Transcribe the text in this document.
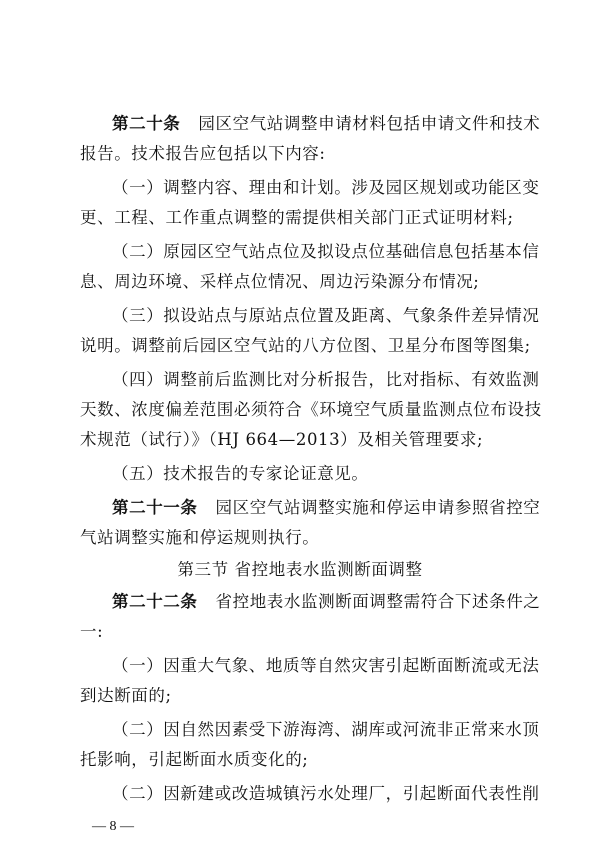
第二十条 园区空气站调整申请材料包括申请文件和技术
报告。技术报告应包括以下内容:
（一）调整内容、理由和计划。涉及园区规划或功能区变
更、工程、工作重点调整的需提供相关部门正式证明材料;
（二）原园区空气站点位及拟设点位基础信息包括基本信
息、周边环境、采样点位情况、周边污染源分布情况;
（三）拟设站点与原站点位置及距离、气象条件差异情况
说明。调整前后园区空气站的八方位图、卫星分布图等图集;
（四）调整前后监测比对分析报告，比对指标、有效监测
天数、浓度偏差范围必须符合《环境空气质量监测点位布设技
术规范（试行）》（HJ 664—2013）及相关管理要求;
（五）技术报告的专家论证意见。
第二十一条 园区空气站调整实施和停运申请参照省控空
气站调整实施和停运规则执行。
第三节 省控地表水监测断面调整
第二十二条 省控地表水监测断面调整需符合下述条件之
一:
（一）因重大气象、地质等自然灾害引起断面断流或无法
到达断面的;
（二）因自然因素受下游海湾、湖库或河流非正常来水顶
托影响，引起断面水质变化的;
（二）因新建或改造城镇污水处理厂，引起断面代表性削
— 8 —
